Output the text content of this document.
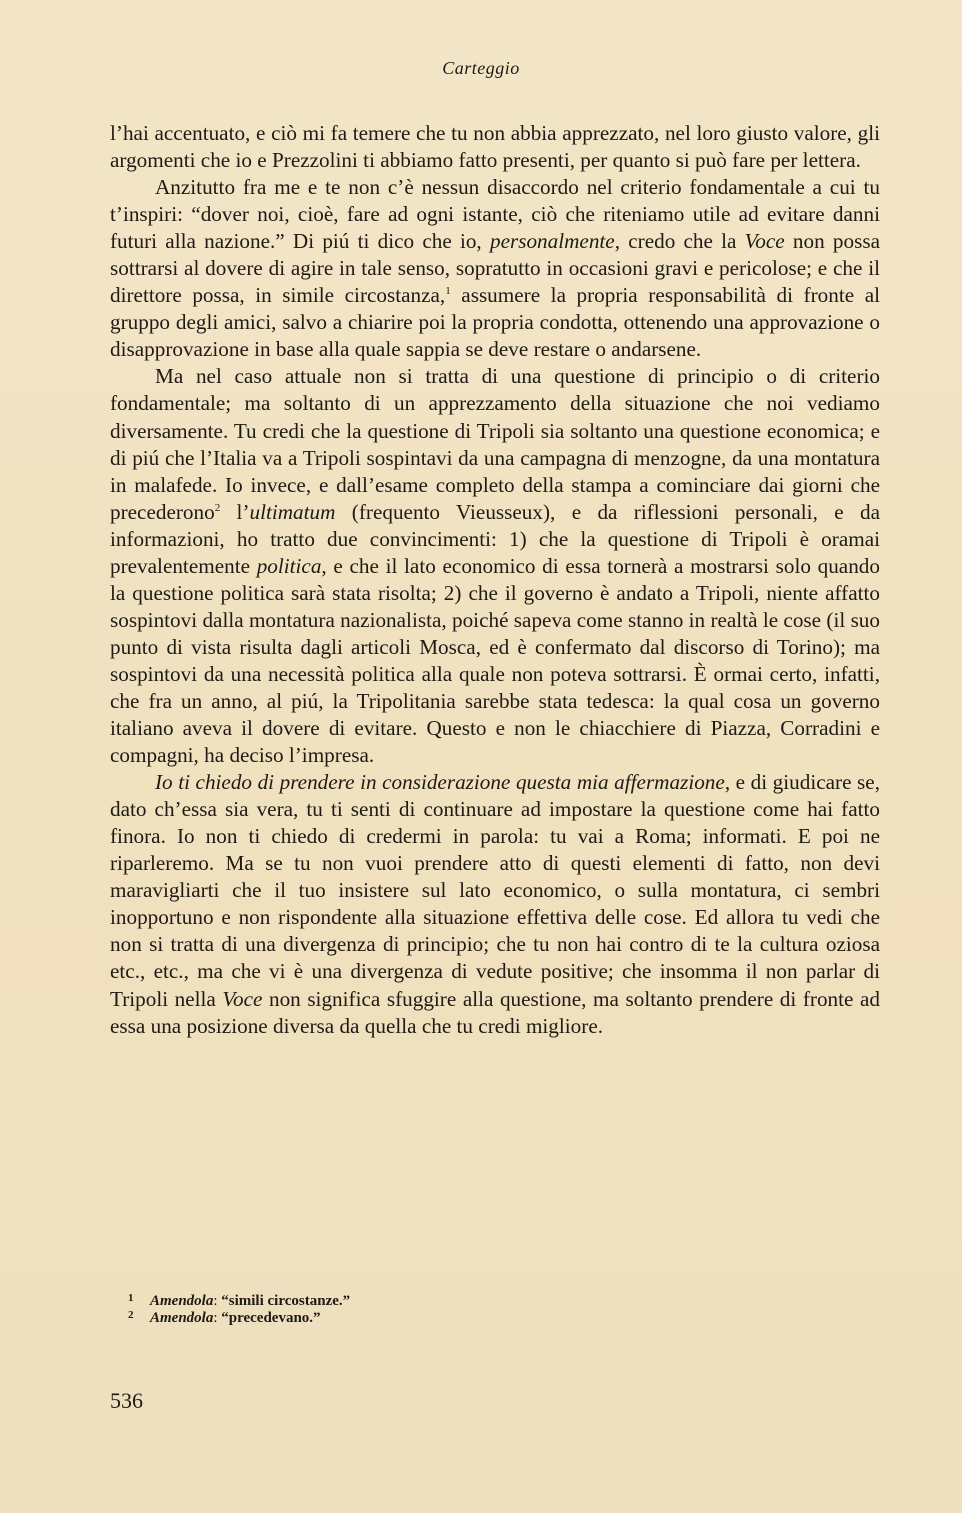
Carteggio

l’hai accentuato, e ciò mi fa temere che tu non abbia apprezzato, nel loro giusto valore, gli argomenti che io e Prezzolini ti abbiamo fatto presenti, per quanto si può fare per lettera.

Anzitutto fra me e te non c’è nessun disaccordo nel criterio fondamentale a cui tu t’inspiri: “dover noi, cioè, fare ad ogni istante, ciò che riteniamo utile ad evitare danni futuri alla nazione.” Di piú ti dico che io, personalmente, credo che la Voce non possa sottrarsi al dovere di agire in tale senso, sopratutto in occasioni gravi e pericolose; e che il direttore possa, in simile circostanza,$^1$ assumere la propria responsabilità di fronte al gruppo degli amici, salvo a chiarire poi la propria condotta, ottenendo una approvazione o disapprovazione in base alla quale sappia se deve restare o andarsene.

Ma nel caso attuale non si tratta di una questione di principio o di criterio fondamentale; ma soltanto di un apprezzamento della situazione che noi vediamo diversamente. Tu credi che la questione di Tripoli sia soltanto una questione economica; e di piú che l’Italia va a Tripoli sospintavi da una campagna di menzogne, da una montatura in malafede. Io invece, e dall’esame completo della stampa a cominciare dai giorni che precederono$^2$ l’ultimatum (frequento Vieusseux), e da riflessioni personali, e da informazioni, ho tratto due convincimenti: 1) che la questione di Tripoli è oramai prevalentemente politica, e che il lato economico di essa tornerà a mostrarsi solo quando la questione politica sarà stata risolta; 2) che il governo è andato a Tripoli, niente affatto sospintovi dalla montatura nazionalista, poiché sapeva come stanno in realtà le cose (il suo punto di vista risulta dagli articoli Mosca, ed è confermato dal discorso di Torino); ma sospintovi da una necessità politica alla quale non poteva sottrarsi. È ormai certo, infatti, che fra un anno, al piú, la Tripolitania sarebbe stata tedesca: la qual cosa un governo italiano aveva il dovere di evitare. Questo e non le chiacchiere di Piazza, Corradini e compagni, ha deciso l’impresa.

Io ti chiedo di prendere in considerazione questa mia affermazione, e di giudicare se, dato ch’essa sia vera, tu ti senti di continuare ad impostare la questione come hai fatto finora. Io non ti chiedo di credermi in parola: tu vai a Roma; informati. E poi ne riparleremo. Ma se tu non vuoi prendere atto di questi elementi di fatto, non devi maravigliarti che il tuo insistere sul lato economico, o sulla montatura, ci sembri inopportuno e non rispondente alla situazione effettiva delle cose. Ed allora tu vedi che non si tratta di una divergenza di principio; che tu non hai contro di te la cultura oziosa etc., etc., ma che vi è una divergenza di vedute positive; che insomma il non parlar di Tripoli nella Voce non significa sfuggire alla questione, ma soltanto prendere di fronte ad essa una posizione diversa da quella che tu credi migliore.

1 Amendola: “simili circostanze.”
2 Amendola: “precedevano.”
536
